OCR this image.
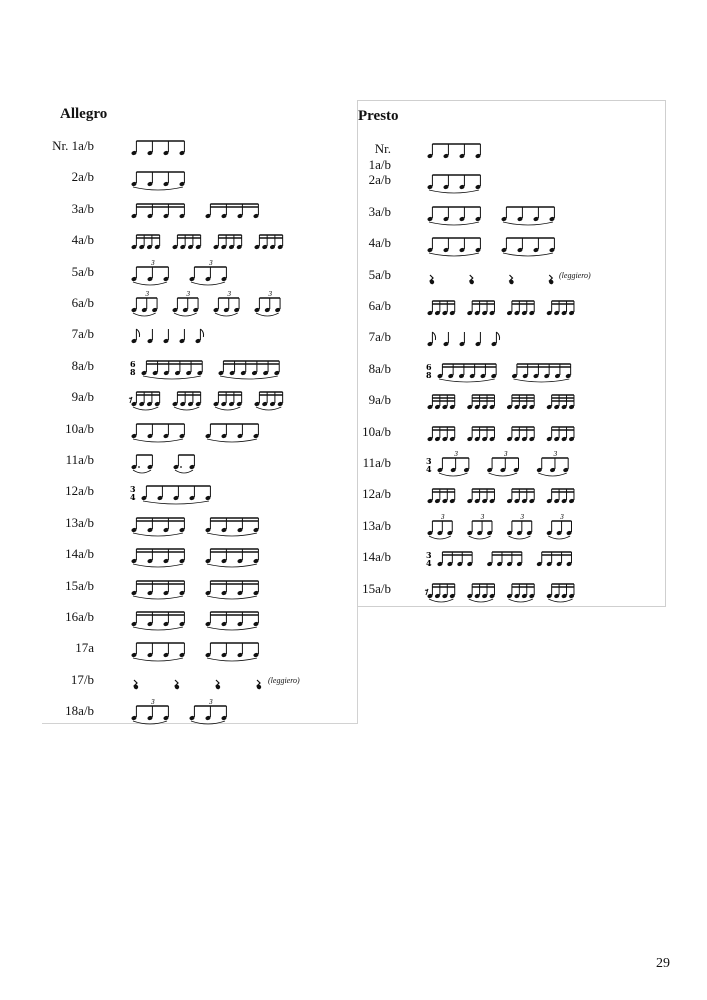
Allegro
Nr. 1a/b
2a/b
3a/b
4a/b
5a/b
3	3
6a/b
3	3	3	3
7a/b
8a/b	6
8
9a/b
10a/b
11a/b
12a/b	3
4
13a/b
14a/b
15a/b
16a/b
17a
17/b	(leggiero)
18a/b
3	3
Presto
Nr. 1a/b
2a/b
3a/b
4a/b
5a/b	(leggiero)
6a/b
7a/b
8a/b	6
8
9a/b
10a/b
11a/b	3
4
3	3	3
12a/b
13a/b
3	3	3	3
14a/b	3
4
15a/b
29
